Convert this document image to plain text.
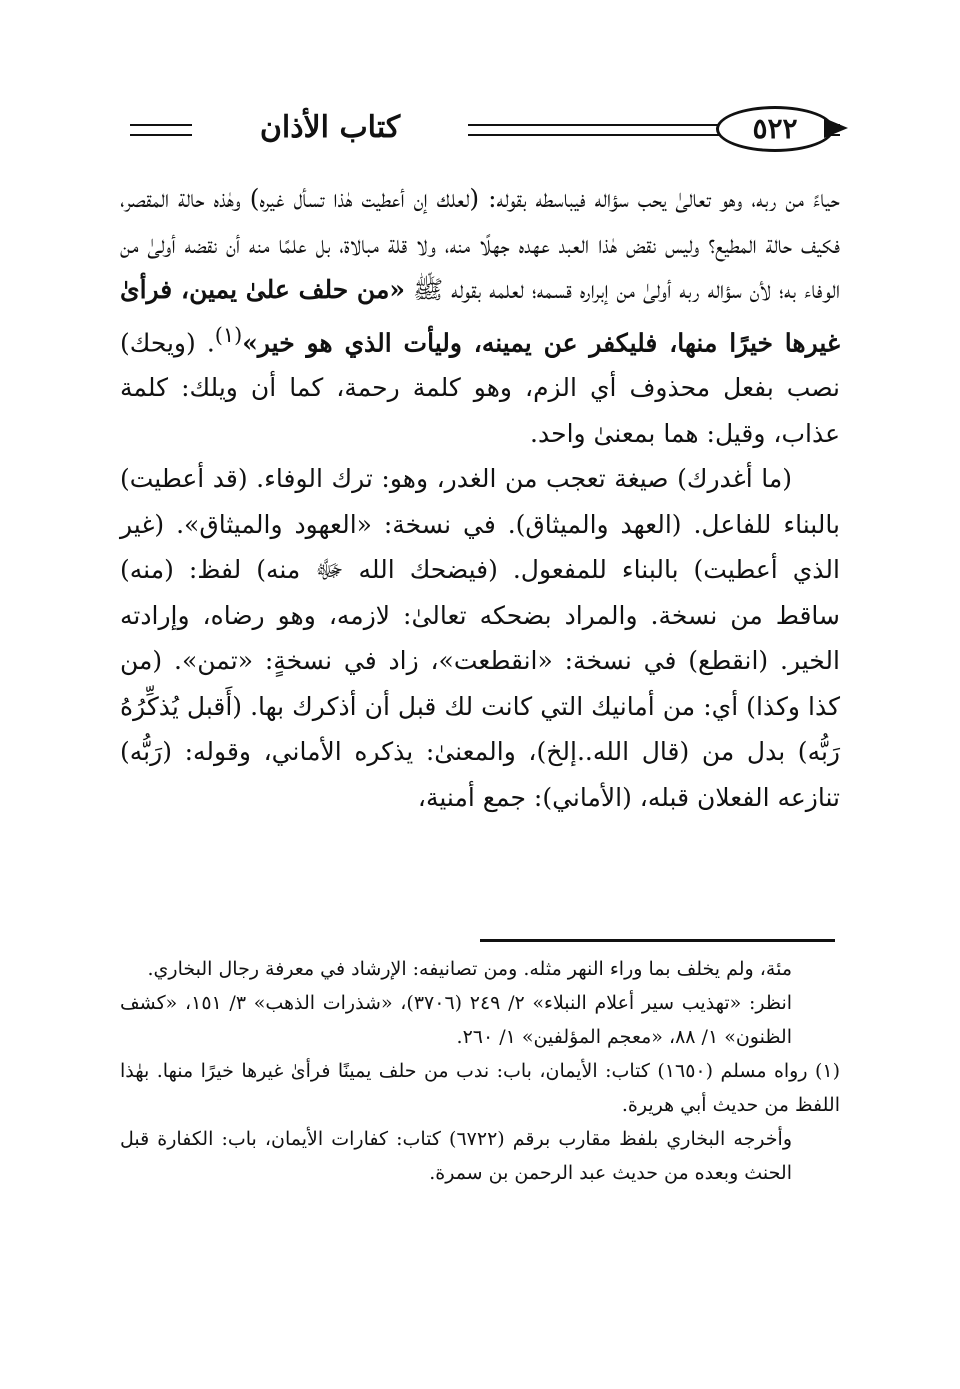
كتاب الأذان	٥٢٢

حياءً من ربه، وهو تعالىٰ يحب سؤاله فيباسطه بقوله: (لعلك إن أعطيت هٰذا تسأل غيره) وهٰذه حالة المقصر، فكيف حالة المطيع؟ وليس نقض هٰذا العبد عهده جهلًا منه، ولا قلة مبالاة، بل علمًا منه أن نقضه أولىٰ من الوفاء به؛ لأن سؤاله ربه أولىٰ من إبراره قسمه؛ لعلمه بقوله ﷺ «من حلف علىٰ يمين، فرأىٰ غيرها خيرًا منها، فليكفر عن يمينه، وليأت الذي هو خير»$^{(١)}$. (ويحك) نصب بفعل محذوف أي الزم، وهو كلمة رحمة، كما أن ويلك: كلمة عذاب، وقيل: هما بمعنىٰ واحد.

(ما أغدرك) صيغة تعجب من الغدر، وهو: ترك الوفاء. (قد أعطيت) بالبناء للفاعل. (العهد والميثاق). في نسخة: «العهود والميثاق». (غير الذي أعطيت) بالبناء للمفعول. (فيضحك الله ﷻ منه) لفظ: (منه) ساقط من نسخة. والمراد بضحكه تعالىٰ: لازمه، وهو رضاه، وإرادته الخير. (انقطع) في نسخة: «انقطعت»، زاد في نسخةٍ: «تمن». (من كذا وكذا) أي: من أمانيك التي كانت لك قبل أن أذكرك بها. (أَقبل يُذكِّرُهُ رَبُّه) بدل من (قال الله..إلخ)، والمعنىٰ: يذكره الأماني، وقوله: (رَبُّه) تنازعه الفعلان قبله، (الأماني): جمع أمنية،

مئة، ولم يخلف بما وراء النهر مثله. ومن تصانيفه: الإرشاد في معرفة رجال البخاري.

انظر: «تهذيب سير أعلام النبلاء» ٢/ ٢٤٩ (٣٧٠٦)، «شذرات الذهب» ٣/ ١٥١، «كشف الظنون» ١/ ٨٨، «معجم المؤلفين» ١/ ٢٦٠.

(١) رواه مسلم (١٦٥٠) كتاب: الأيمان، باب: ندب من حلف يمينًا فرأىٰ غيرها خيرًا منها. بهٰذا اللفظ من حديث أبي هريرة.

وأخرجه البخاري بلفظ مقارب برقم (٦٧٢٢) كتاب: كفارات الأيمان، باب: الكفارة قبل الحنث وبعده من حديث عبد الرحمن بن سمرة.
